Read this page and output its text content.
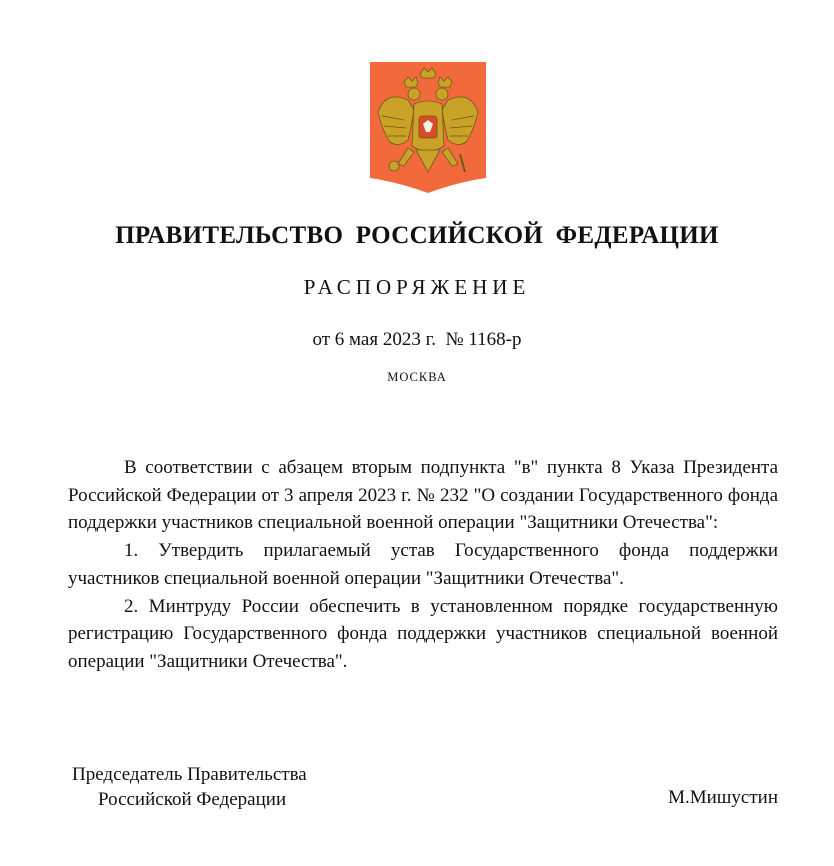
ПРАВИТЕЛЬСТВО РОССИЙСКОЙ ФЕДЕРАЦИИ
РАСПОРЯЖЕНИЕ
от 6 мая 2023 г.  № 1168-р
МОСКВА

В соответствии с абзацем вторым подпункта "в" пункта 8 Указа Президента Российской Федерации от 3 апреля 2023 г. № 232 "О создании Государственного фонда поддержки участников специальной военной операции "Защитники Отечества":

1. Утвердить прилагаемый устав Государственного фонда поддержки участников специальной военной операции "Защитники Отечества".

2. Минтруду России обеспечить в установленном порядке государственную регистрацию Государственного фонда поддержки участников специальной военной операции "Защитники Отечества".

Председатель Правительства
Российской Федерации	М.Мишустин
